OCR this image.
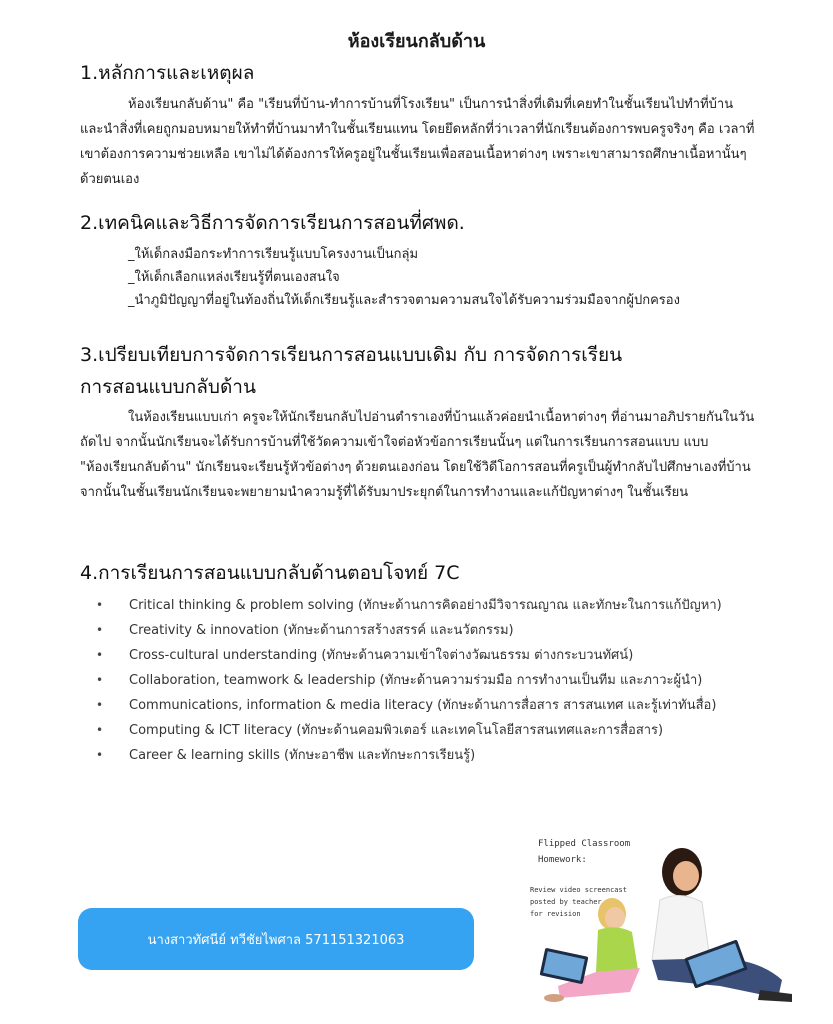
ห้องเรียนกลับด้าน
1.หลักการและเหตุผล

ห้องเรียนกลับด้าน" คือ "เรียนที่บ้าน-ทำการบ้านที่โรงเรียน" เป็นการนำสิ่งที่เดิมที่เคยทำในชั้นเรียนไปทำที่บ้าน และนำสิ่งที่เคยถูกมอบหมายให้ทำที่บ้านมาทำในชั้นเรียนแทน โดยยึดหลักที่ว่าเวลาที่นักเรียนต้องการพบครูจริงๆ คือ เวลาที่เขาต้องการความช่วยเหลือ เขาไม่ได้ต้องการให้ครูอยู่ในชั้นเรียนเพื่อสอนเนื้อหาต่างๆ เพราะเขาสามารถศึกษาเนื้อหานั้นๆ ด้วยตนเอง

2.เทคนิคและวิธีการจัดการเรียนการสอนที่ศพด.
_ให้เด็กลงมือกระทำการเรียนรู้แบบโครงงานเป็นกลุ่ม
_ให้เด็กเลือกแหล่งเรียนรู้ที่ตนเองสนใจ
_นำภูมิปัญญาที่อยู่ในท้องถิ่นให้เด็กเรียนรู้และสำรวจตามความสนใจได้รับความร่วมมือจากผู้ปกครอง
3.เปรียบเทียบการจัดการเรียนการสอนแบบเดิม กับ การจัดการเรียน
การสอนแบบกลับด้าน

ในห้องเรียนแบบเก่า ครูจะให้นักเรียนกลับไปอ่านตำราเองที่บ้านแล้วค่อยนำเนื้อหาต่างๆ ที่อ่านมาอภิปรายกันในวันถัดไป จากนั้นนักเรียนจะได้รับการบ้านที่ใช้วัดความเข้าใจต่อหัวข้อการเรียนนั้นๆ แต่ในการเรียนการสอนแบบ แบบ "ห้องเรียนกลับด้าน" นักเรียนจะเรียนรู้หัวข้อต่างๆ ด้วยตนเองก่อน โดยใช้วิดีโอการสอนที่ครูเป็นผู้ทำกลับไปศึกษาเองที่บ้าน จากนั้นในชั้นเรียนนักเรียนจะพยายามนำความรู้ที่ได้รับมาประยุกต์ในการทำงานและแก้ปัญหาต่างๆ ในชั้นเรียน

4.การเรียนการสอนแบบกลับด้านตอบโจทย์ 7C
• Critical thinking & problem solving (ทักษะด้านการคิดอย่างมีวิจารณญาณ และทักษะในการแก้ปัญหา)
• Creativity & innovation (ทักษะด้านการสร้างสรรค์ และนวัตกรรม)
• Cross-cultural understanding (ทักษะด้านความเข้าใจต่างวัฒนธรรม ต่างกระบวนทัศน์)
• Collaboration, teamwork & leadership (ทักษะด้านความร่วมมือ การทำงานเป็นทีม และภาวะผู้นำ)
• Communications, information & media literacy (ทักษะด้านการสื่อสาร สารสนเทศ และรู้เท่าทันสื่อ)
• Computing & ICT literacy (ทักษะด้านคอมพิวเตอร์ และเทคโนโลยีสารสนเทศและการสื่อสาร)
• Career & learning skills (ทักษะอาชีพ และทักษะการเรียนรู้)
นางสาวทัศนีย์ ทวีชัยไพศาล 571151321063
Flipped Classroom
Homework:
Review video screencast
posted by teacher
for revision
